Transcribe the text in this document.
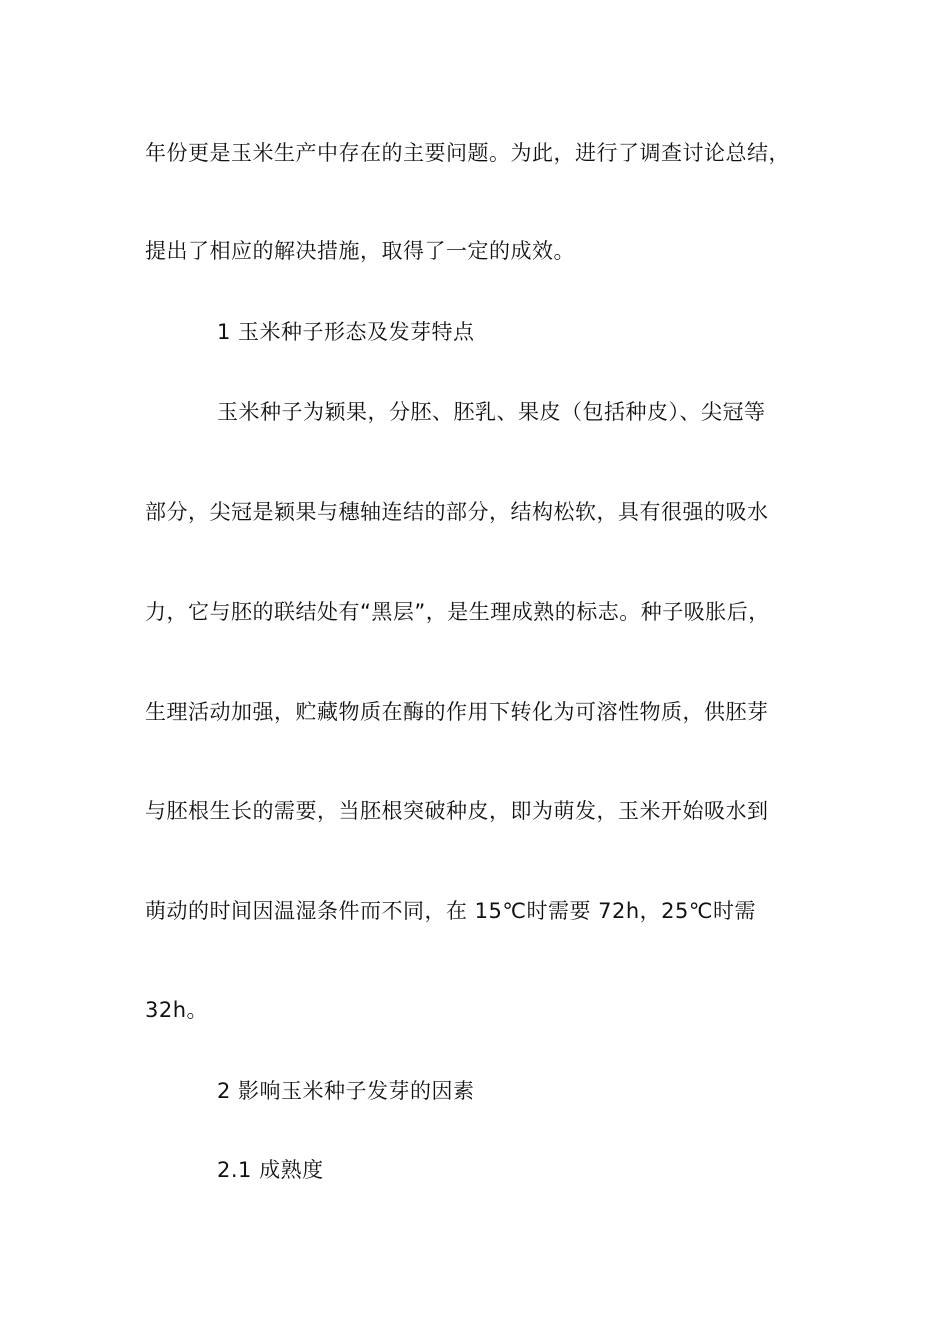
年份更是玉米生产中存在的主要问题。为此，进行了调查讨论总结，
提出了相应的解决措施，取得了一定的成效。
1 玉米种子形态及发芽特点
玉米种子为颖果，分胚、胚乳、果皮（包括种皮）、尖冠等
部分，尖冠是颖果与穗轴连结的部分，结构松软，具有很强的吸水
力，它与胚的联结处有“黑层”，是生理成熟的标志。种子吸胀后，
生理活动加强，贮藏物质在酶的作用下转化为可溶性物质，供胚芽
与胚根生长的需要，当胚根突破种皮，即为萌发，玉米开始吸水到
萌动的时间因温湿条件而不同，在 15℃时需要 72h，25℃时需
32h。
2 影响玉米种子发芽的因素
2.1 成熟度
